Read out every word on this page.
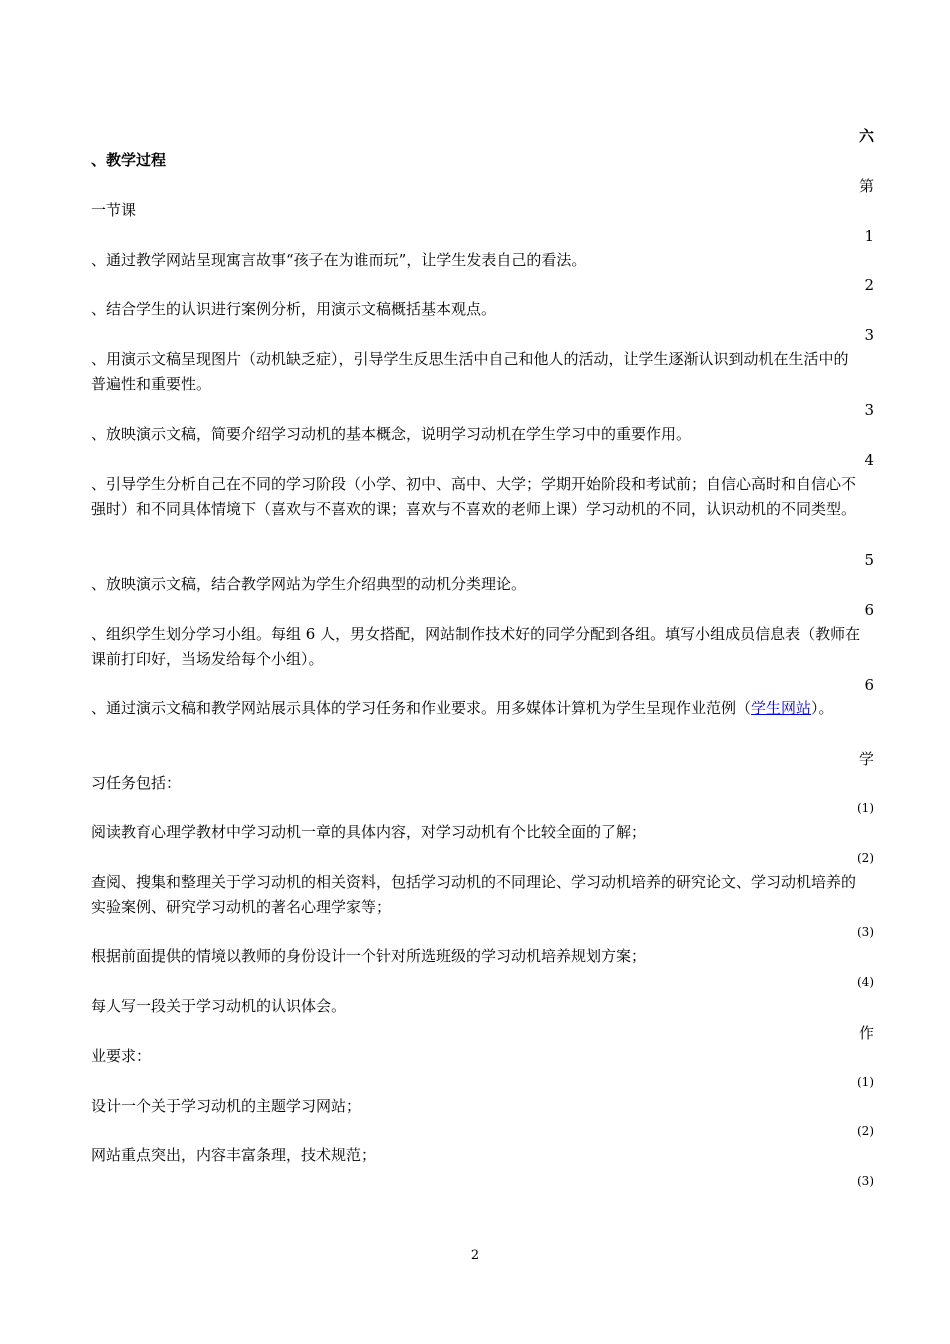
六
第
1
2
3
3
4
5
6
6
学
(1)
(2)
(3)
(4)
作
(1)
(2)
(3)

、教学过程

一节课

、通过教学网站呈现寓言故事“孩子在为谁而玩”，让学生发表自己的看法。

、结合学生的认识进行案例分析，用演示文稿概括基本观点。

、用演示文稿呈现图片（动机缺乏症），引导学生反思生活中自己和他人的活动，让学生逐渐认识到动机在生活中的普遍性和重要性。

、放映演示文稿，简要介绍学习动机的基本概念，说明学习动机在学生学习中的重要作用。

、引导学生分析自己在不同的学习阶段（小学、初中、高中、大学；学期开始阶段和考试前；自信心高时和自信心不强时）和不同具体情境下（喜欢与不喜欢的课；喜欢与不喜欢的老师上课）学习动机的不同，认识动机的不同类型。

、放映演示文稿，结合教学网站为学生介绍典型的动机分类理论。

、组织学生划分学习小组。每组 6 人，男女搭配，网站制作技术好的同学分配到各组。填写小组成员信息表（教师在课前打印好，当场发给每个小组）。

、通过演示文稿和教学网站展示具体的学习任务和作业要求。用多媒体计算机为学生呈现作业范例（学生网站）。

习任务包括：

阅读教育心理学教材中学习动机一章的具体内容，对学习动机有个比较全面的了解；

查阅、搜集和整理关于学习动机的相关资料，包括学习动机的不同理论、学习动机培养的研究论文、学习动机培养的实验案例、研究学习动机的著名心理学家等；

根据前面提供的情境以教师的身份设计一个针对所选班级的学习动机培养规划方案；

每人写一段关于学习动机的认识体会。

业要求：

设计一个关于学习动机的主题学习网站；

网站重点突出，内容丰富条理，技术规范；

2
